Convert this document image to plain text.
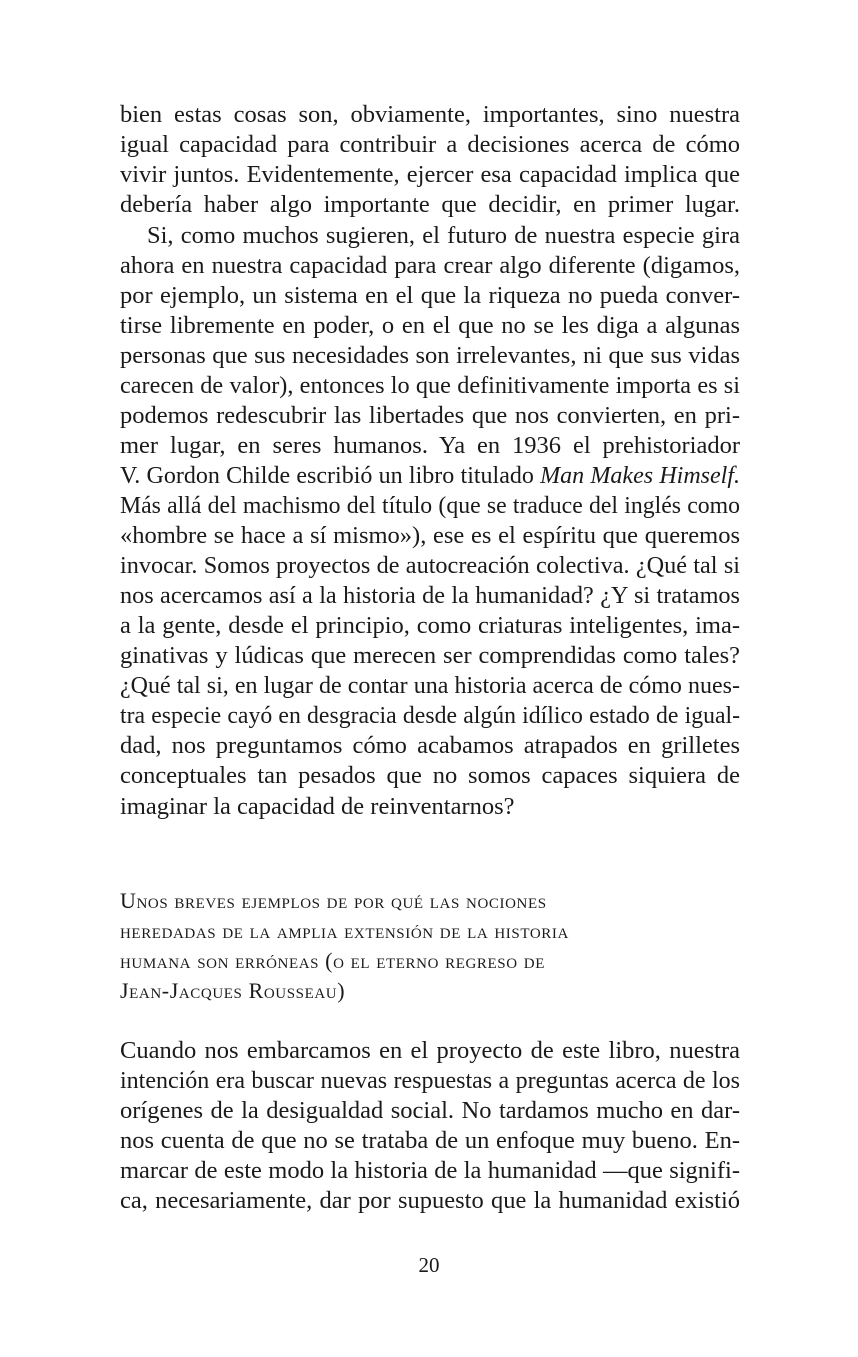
bien estas cosas son, obviamente, importantes, sino nuestra
igual capacidad para contribuir a decisiones acerca de cómo
vivir juntos. Evidentemente, ejercer esa capacidad implica que
debería haber algo importante que decidir, en primer lugar.
Si, como muchos sugieren, el futuro de nuestra especie gira
ahora en nuestra capacidad para crear algo diferente (digamos,
por ejemplo, un sistema en el que la riqueza no pueda conver-
tirse libremente en poder, o en el que no se les diga a algunas
personas que sus necesidades son irrelevantes, ni que sus vidas
carecen de valor), entonces lo que definitivamente importa es si
podemos redescubrir las libertades que nos convierten, en pri-
mer lugar, en seres humanos. Ya en 1936 el prehistoriador
V. Gordon Childe escribió un libro titulado Man Makes Himself.
Más allá del machismo del título (que se traduce del inglés como
«hombre se hace a sí mismo»), ese es el espíritu que queremos
invocar. Somos proyectos de autocreación colectiva. ¿Qué tal si
nos acercamos así a la historia de la humanidad? ¿Y si tratamos
a la gente, desde el principio, como criaturas inteligentes, ima-
ginativas y lúdicas que merecen ser comprendidas como tales?
¿Qué tal si, en lugar de contar una historia acerca de cómo nues-
tra especie cayó en desgracia desde algún idílico estado de igual-
dad, nos preguntamos cómo acabamos atrapados en grilletes
conceptuales tan pesados que no somos capaces siquiera de
imaginar la capacidad de reinventarnos?
Unos breves ejemplos de por qué las nociones
heredadas de la amplia extensión de la historia
humana son erróneas (o el eterno regreso de
Jean-Jacques Rousseau)
Cuando nos embarcamos en el proyecto de este libro, nuestra
intención era buscar nuevas respuestas a preguntas acerca de los
orígenes de la desigualdad social. No tardamos mucho en dar-
nos cuenta de que no se trataba de un enfoque muy bueno. En-
marcar de este modo la historia de la humanidad —que signifi-
ca, necesariamente, dar por supuesto que la humanidad existió
20
